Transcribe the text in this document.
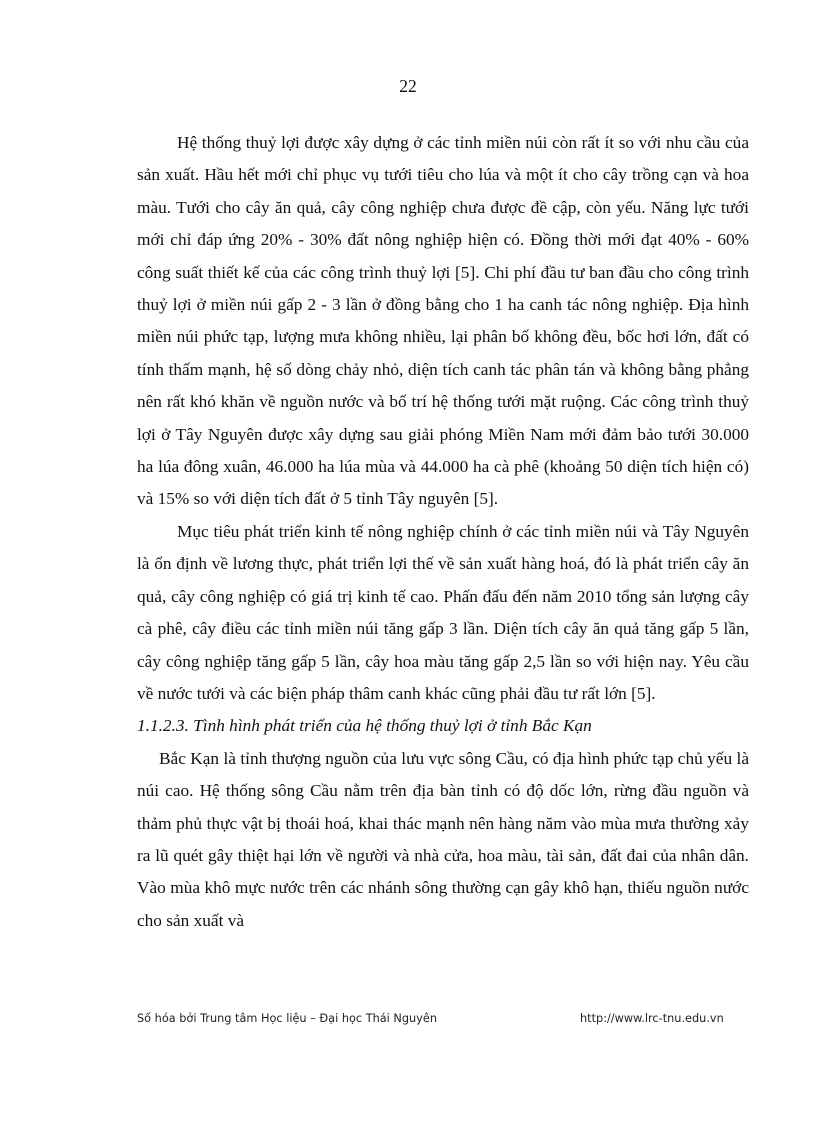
22

Hệ thống thuỷ lợi được xây dựng ở các tỉnh miền núi còn rất ít so với nhu cầu của sản xuất. Hầu hết mới chỉ phục vụ tưới tiêu cho lúa và một ít cho cây trồng cạn và hoa màu. Tưới cho cây ăn quả, cây công nghiệp chưa được đề cập, còn yếu. Năng lực tưới mới chỉ đáp ứng 20% - 30% đất nông nghiệp hiện có. Đồng thời mới đạt 40% - 60% công suất thiết kế của các công trình thuỷ lợi [5]. Chi phí đầu tư ban đầu cho công trình thuỷ lợi ở miền núi gấp 2 - 3 lần ở đồng bằng cho 1 ha canh tác nông nghiệp. Địa hình miền núi phức tạp, lượng mưa không nhiều, lại phân bố không đều, bốc hơi lớn, đất có tính thấm mạnh, hệ số dòng chảy nhỏ, diện tích canh tác phân tán và không bằng phẳng nên rất khó khăn về nguồn nước và bố trí hệ thống tưới mặt ruộng. Các công trình thuỷ lợi ở Tây Nguyên được xây dựng sau giải phóng Miền Nam mới đảm bảo tưới 30.000 ha lúa đông xuân, 46.000 ha lúa mùa và 44.000 ha cà phê (khoảng 50 diện tích hiện có) và 15% so với diện tích đất ở 5 tỉnh Tây nguyên [5].

Mục tiêu phát triển kinh tế nông nghiệp chính ở các tỉnh miền núi và Tây Nguyên là ổn định về lương thực, phát triển lợi thế về sản xuất hàng hoá, đó là phát triển cây ăn quả, cây công nghiệp có giá trị kinh tế cao. Phấn đấu đến năm 2010 tổng sản lượng cây cà phê, cây điều các tỉnh miền núi tăng gấp 3 lần. Diện tích cây ăn quả tăng gấp 5 lần, cây công nghiệp tăng gấp 5 lần, cây hoa màu tăng gấp 2,5 lần so với hiện nay. Yêu cầu về nước tưới và các biện pháp thâm canh khác cũng phải đầu tư rất lớn [5].

1.1.2.3. Tình hình phát triển của hệ thống thuỷ lợi ở tỉnh Bắc Kạn

Bắc Kạn là tỉnh thượng nguồn của lưu vực sông Cầu, có địa hình phức tạp chủ yếu là núi cao. Hệ thống sông Cầu nằm trên địa bàn tỉnh có độ dốc lớn, rừng đầu nguồn và thảm phủ thực vật bị thoái hoá, khai thác mạnh nên hàng năm vào mùa mưa thường xảy ra lũ quét gây thiệt hại lớn về người và nhà cửa, hoa màu, tài sản, đất đai của nhân dân. Vào mùa khô mực nước trên các nhánh sông thường cạn gây khô hạn, thiếu nguồn nước cho sản xuất và

Số hóa bởi Trung tâm Học liệu – Đại học Thái Nguyên	http://www.lrc-tnu.edu.vn
